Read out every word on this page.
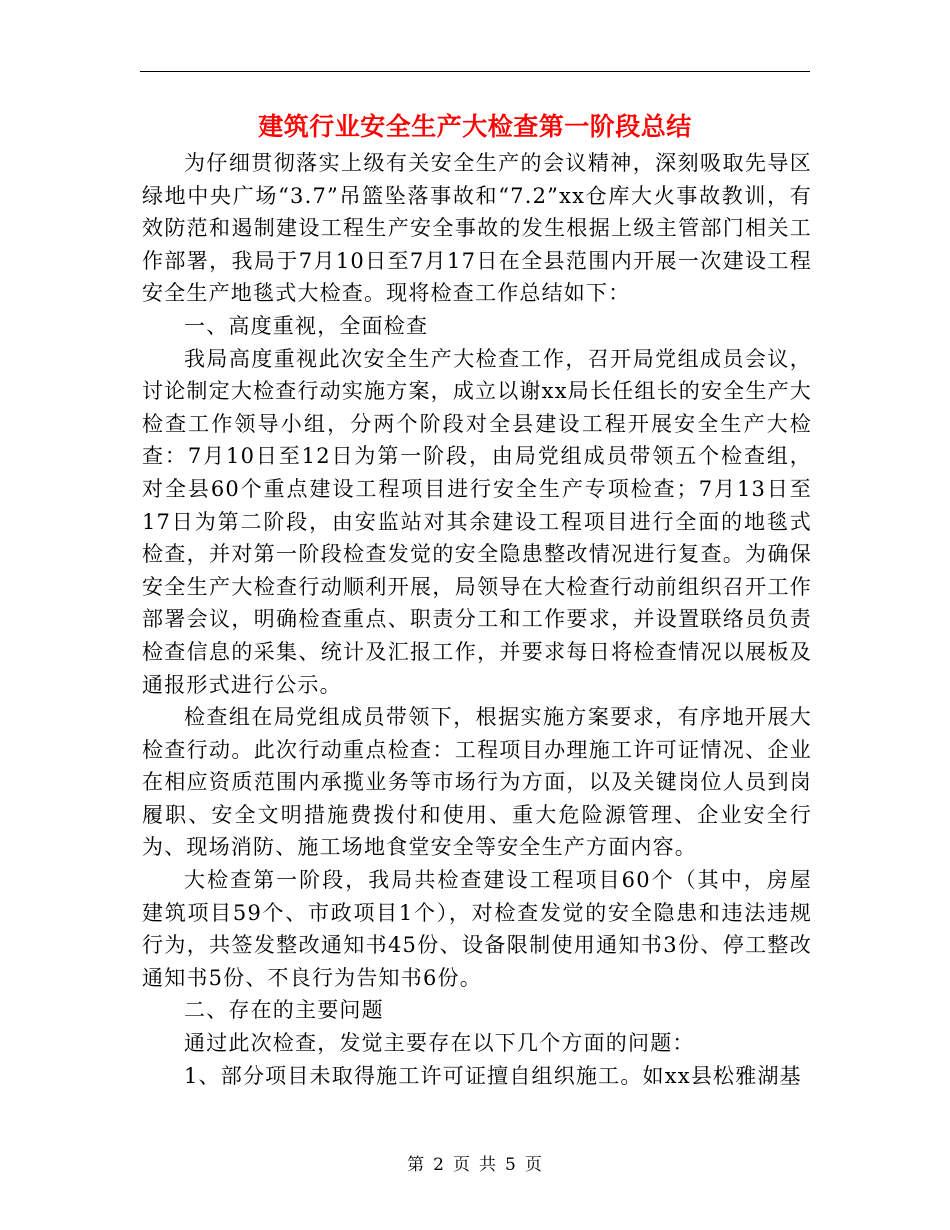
建筑行业安全生产大检查第一阶段总结

为仔细贯彻落实上级有关安全生产的会议精神，深刻吸取先导区绿地中央广场“3.7”吊篮坠落事故和“7.2”xx仓库大火事故教训，有效防范和遏制建设工程生产安全事故的发生根据上级主管部门相关工作部署，我局于7月10日至7月17日在全县范围内开展一次建设工程安全生产地毯式大检查。现将检查工作总结如下：

一、高度重视，全面检查

我局高度重视此次安全生产大检查工作，召开局党组成员会议，讨论制定大检查行动实施方案，成立以谢xx局长任组长的安全生产大检查工作领导小组，分两个阶段对全县建设工程开展安全生产大检查：7月10日至12日为第一阶段，由局党组成员带领五个检查组，对全县60个重点建设工程项目进行安全生产专项检查；7月13日至17日为第二阶段，由安监站对其余建设工程项目进行全面的地毯式检查，并对第一阶段检查发觉的安全隐患整改情况进行复查。为确保安全生产大检查行动顺利开展，局领导在大检查行动前组织召开工作部署会议，明确检查重点、职责分工和工作要求，并设置联络员负责检查信息的采集、统计及汇报工作，并要求每日将检查情况以展板及通报形式进行公示。

检查组在局党组成员带领下，根据实施方案要求，有序地开展大检查行动。此次行动重点检查：工程项目办理施工许可证情况、企业在相应资质范围内承揽业务等市场行为方面，以及关键岗位人员到岗履职、安全文明措施费拨付和使用、重大危险源管理、企业安全行为、现场消防、施工场地食堂安全等安全生产方面内容。

大检查第一阶段，我局共检查建设工程项目60个（其中，房屋建筑项目59个、市政项目1个），对检查发觉的安全隐患和违法违规行为，共签发整改通知书45份、设备限制使用通知书3份、停工整改通知书5份、不良行为告知书6份。

二、存在的主要问题

通过此次检查，发觉主要存在以下几个方面的问题：

1、部分项目未取得施工许可证擅自组织施工。如xx县松雅湖基

第 2 页 共 5 页
